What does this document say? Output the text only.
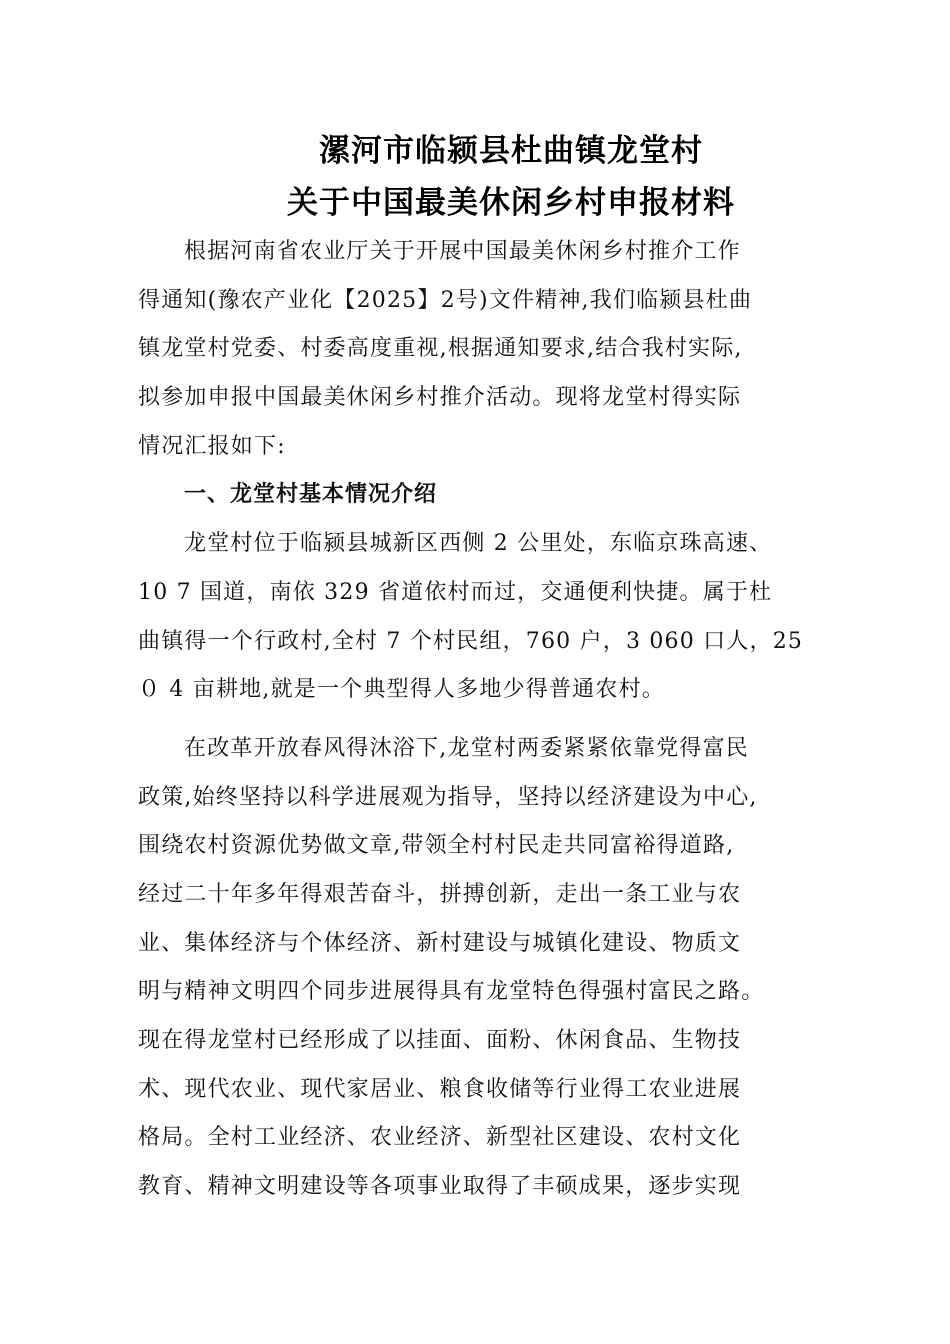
漯河市临颍县杜曲镇龙堂村
关于中国最美休闲乡村申报材料
根据河南省农业厅关于开展中国最美休闲乡村推介工作
得通知(豫农产业化【2025】2号)文件精神,我们临颍县杜曲
镇龙堂村党委、村委高度重视,根据通知要求,结合我村实际,
拟参加申报中国最美休闲乡村推介活动。现将龙堂村得实际
情况汇报如下:
一、龙堂村基本情况介绍
龙堂村位于临颍县城新区西侧 2 公里处，东临京珠高速、
10 7 国道，南依 329 省道依村而过，交通便利快捷。属于杜
曲镇得一个行政村,全村 7 个村民组，760 户，3 060 口人，25
０ 4 亩耕地,就是一个典型得人多地少得普通农村。
在改革开放春风得沐浴下,龙堂村两委紧紧依靠党得富民
政策,始终坚持以科学进展观为指导，坚持以经济建设为中心,
围绕农村资源优势做文章,带领全村村民走共同富裕得道路,
经过二十年多年得艰苦奋斗，拼搏创新，走出一条工业与农
业、集体经济与个体经济、新村建设与城镇化建设、物质文
明与精神文明四个同步进展得具有龙堂特色得强村富民之路。
现在得龙堂村已经形成了以挂面、面粉、休闲食品、生物技
术、现代农业、现代家居业、粮食收储等行业得工农业进展
格局。全村工业经济、农业经济、新型社区建设、农村文化
教育、精神文明建设等各项事业取得了丰硕成果，逐步实现
